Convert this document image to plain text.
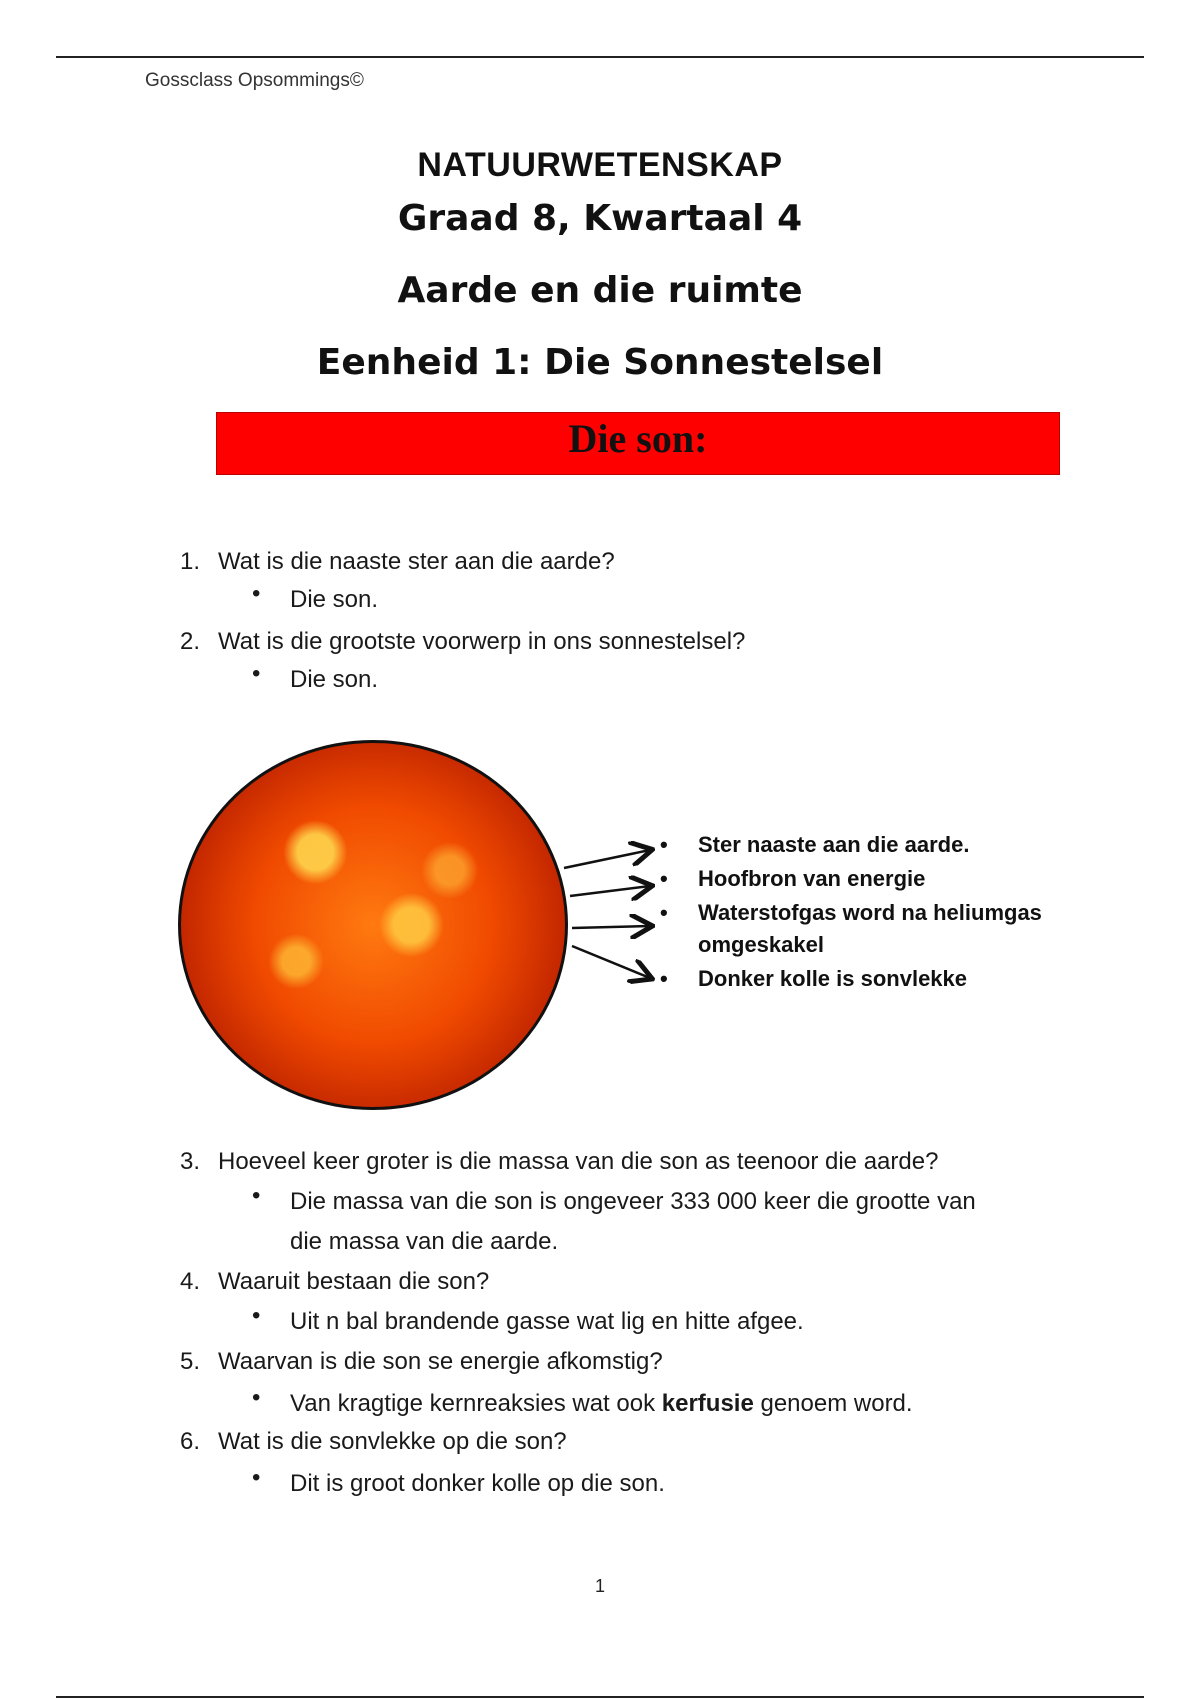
Gossclass Opsommings©
NATUURWETENSKAP
Graad 8, Kwartaal 4
Aarde en die ruimte
Eenheid 1: Die Sonnestelsel
Die son:
1. Wat is die naaste ster aan die aarde?
• Die son.
2. Wat is die grootste voorwerp in ons sonnestelsel?
• Die son.
• Ster naaste aan die aarde.
• Hoofbron van energie
• Waterstofgas word na heliumgas
omgeskakel
• Donker kolle is sonvlekke
3. Hoeveel keer groter is die massa van die son as teenoor die aarde?
• Die massa van die son is ongeveer 333 000 keer die grootte van
die massa van die aarde.
4. Waaruit bestaan die son?
• Uit n bal brandende gasse wat lig en hitte afgee.
5. Waarvan is die son se energie afkomstig?
• Van kragtige kernreaksies wat ook kerfusie genoem word.
6. Wat is die sonvlekke op die son?
• Dit is groot donker kolle op die son.
1
